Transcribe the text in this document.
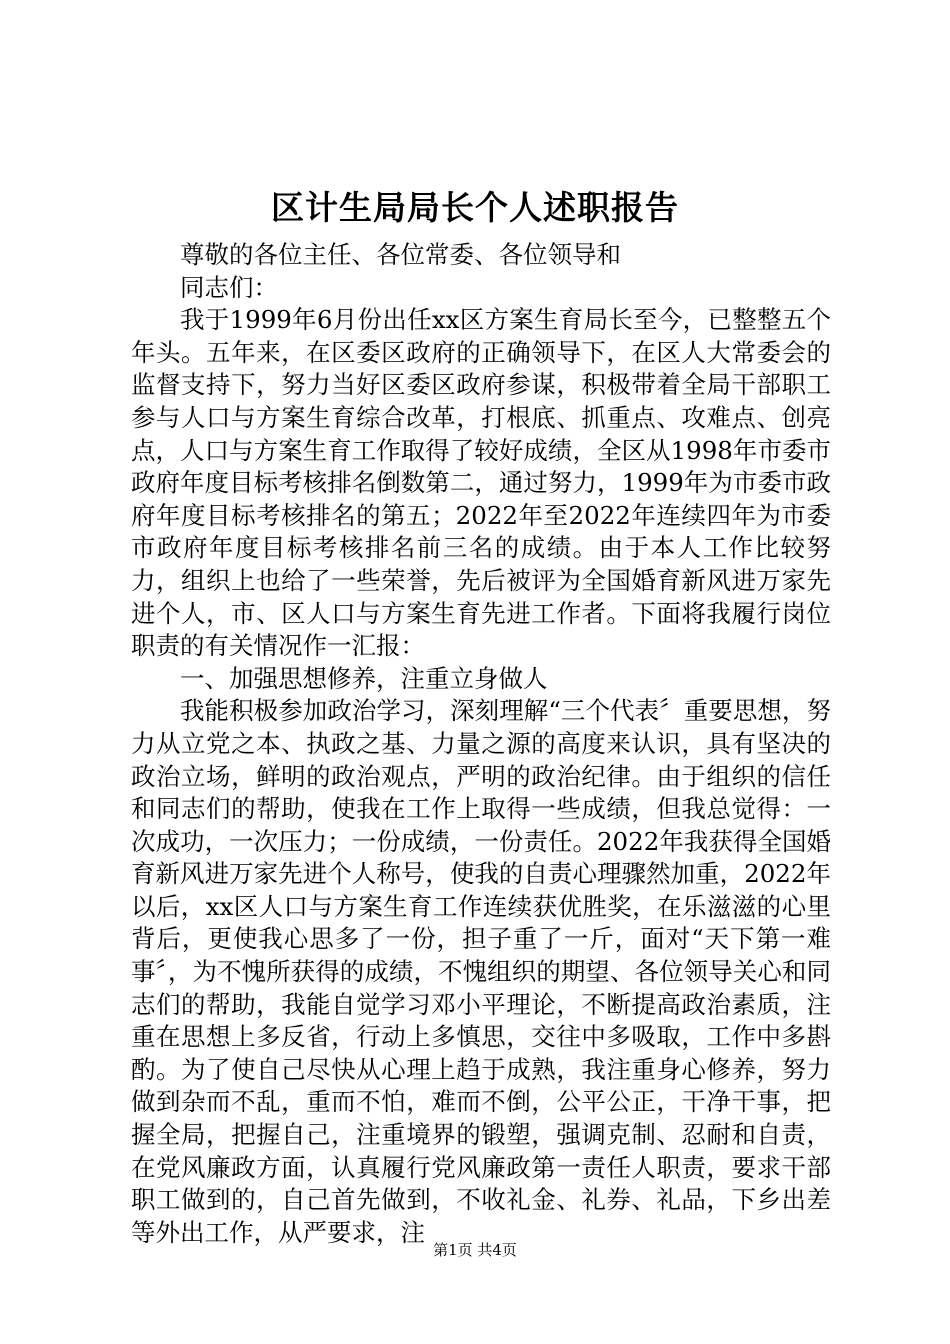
区计生局局长个人述职报告

尊敬的各位主任、各位常委、各位领导和

同志们：

我于1999年6月份出任xx区方案生育局长至今，已整整五个年头。五年来，在区委区政府的正确领导下，在区人大常委会的监督支持下，努力当好区委区政府参谋，积极带着全局干部职工参与人口与方案生育综合改革，打根底、抓重点、攻难点、创亮点，人口与方案生育工作取得了较好成绩，全区从1998年市委市政府年度目标考核排名倒数第二，通过努力，1999年为市委市政府年度目标考核排名的第五；2022年至2022年连续四年为市委市政府年度目标考核排名前三名的成绩。由于本人工作比较努力，组织上也给了一些荣誉，先后被评为全国婚育新风进万家先进个人，市、区人口与方案生育先进工作者。下面将我履行岗位职责的有关情况作一汇报：

一、加强思想修养，注重立身做人

我能积极参加政治学习，深刻理解“三个代表〞重要思想，努力从立党之本、执政之基、力量之源的高度来认识，具有坚决的政治立场，鲜明的政治观点，严明的政治纪律。由于组织的信任和同志们的帮助，使我在工作上取得一些成绩，但我总觉得：一次成功，一次压力；一份成绩，一份责任。2022年我获得全国婚育新风进万家先进个人称号，使我的自责心理骤然加重，2022年以后，xx区人口与方案生育工作连续获优胜奖，在乐滋滋的心里背后，更使我心思多了一份，担子重了一斤，面对“天下第一难事〞，为不愧所获得的成绩，不愧组织的期望、各位领导关心和同志们的帮助，我能自觉学习邓小平理论，不断提高政治素质，注重在思想上多反省，行动上多慎思，交往中多吸取，工作中多斟酌。为了使自己尽快从心理上趋于成熟，我注重身心修养，努力做到杂而不乱，重而不怕，难而不倒，公平公正，干净干事，把握全局，把握自己，注重境界的锻塑，强调克制、忍耐和自责，在党风廉政方面，认真履行党风廉政第一责任人职责，要求干部职工做到的，自己首先做到，不收礼金、礼券、礼品，下乡出差等外出工作，从严要求，注

第1页 共4页
